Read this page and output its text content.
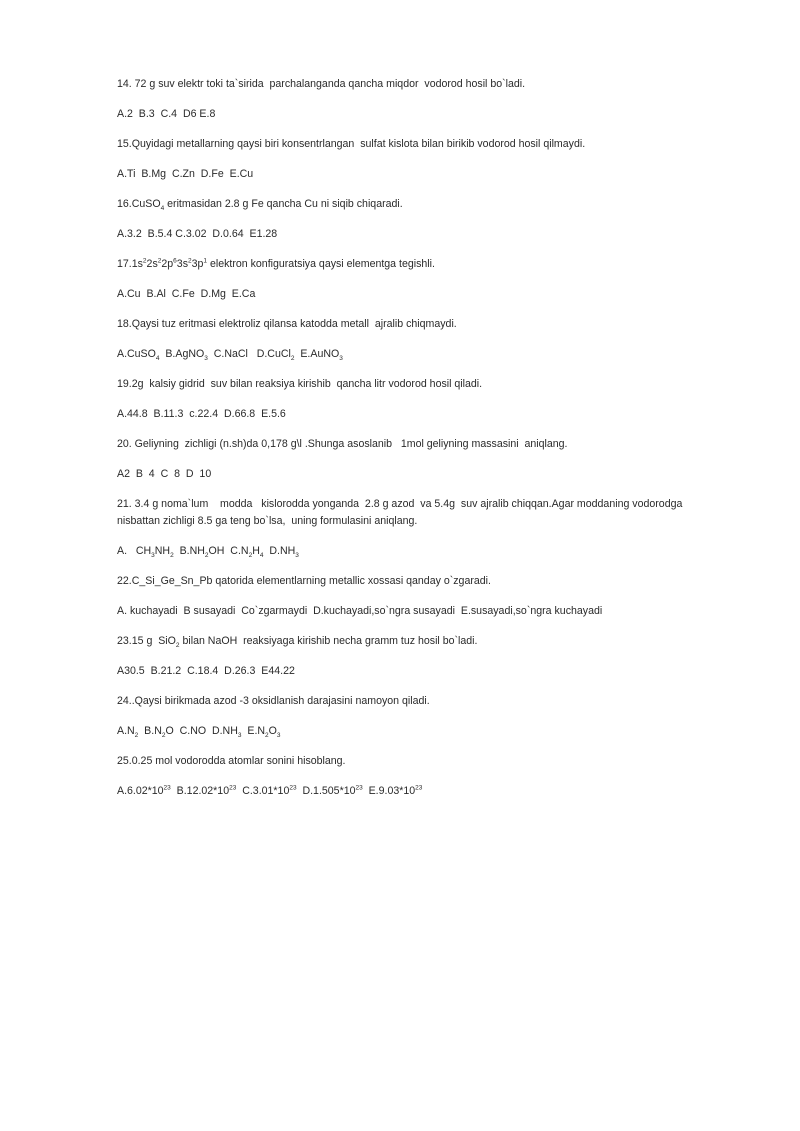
14. 72 g suv elektr toki ta`sirida  parchalanganda qancha miqdor  vodorod hosil bo`ladi.

A.2  B.3  C.4  D6 E.8

15.Quyidagi metallarning qaysi biri konsentrlangan  sulfat kislota bilan birikib vodorod hosil qilmaydi.

A.Ti  B.Mg  C.Zn  D.Fe  E.Cu

16.CuSO$_4$ eritmasidan 2.8 g Fe qancha Cu ni siqib chiqaradi.

A.3.2  B.5.4 C.3.02  D.0.64  E1.28

$17.1s^22s^22p^63s^23p^1$ elektron konfiguratsiya qaysi elementga tegishli.

A.Cu  B.Al  C.Fe  D.Mg  E.Ca

18.Qaysi tuz eritmasi elektroliz qilansa katodda metall  ajralib chiqmaydi.

A.CuSO$_4$  B.AgNO$_3$  C.NaCl   D.CuCl$_2$  E.AuNO$_3$

19.2g  kalsiy gidrid  suv bilan reaksiya kirishib  qancha litr vodorod hosil qiladi.

A.44.8  B.11.3  c.22.4  D.66.8  E.5.6

20. Geliyning  zichligi (n.sh)da 0,178 g\l .Shunga asoslanib   1mol geliyning massasini  aniqlang.

A2  B  4  C  8  D  10

21. 3.4 g noma`lum    modda   kislorodda yonganda  2.8 g azod  va 5.4g  suv ajralib chiqqan.Agar moddaning vodorodga

nisbattan zichligi 8.5 ga teng bo`lsa,  uning formulasini aniqlang.

A.   $CH_3NH_2$  $B.NH_2OH$  $C.N_2H_4$  $D.NH_3$

22.C_Si_Ge_Sn_Pb qatorida elementlarning metallic xossasi qanday o`zgaradi.

A. kuchayadi  B susayadi  Co`zgarmaydi  D.kuchayadi,so`ngra susayadi  E.susayadi,so`ngra kuchayadi

23.15 g  SiO$_2$ bilan NaOH  reaksiyaga kirishib necha gramm tuz hosil bo`ladi.

A30.5  B.21.2  C.18.4  D.26.3  E44.22

24..Qaysi birikmada azod -3 oksidlanish darajasini namoyon qiladi.

$A.N_2$  $B.N_2O$  C.NO  $D.NH_3$  $E.N_2O_3$

25.0.25 mol vodorodda atomlar sonini hisoblang.

$A.6.02*10^{23}$  $B.12.02*10^{23}$  $C.3.01*10^{23}$  $D.1.505*10^{23}$  $E.9.03*10^{23}$
